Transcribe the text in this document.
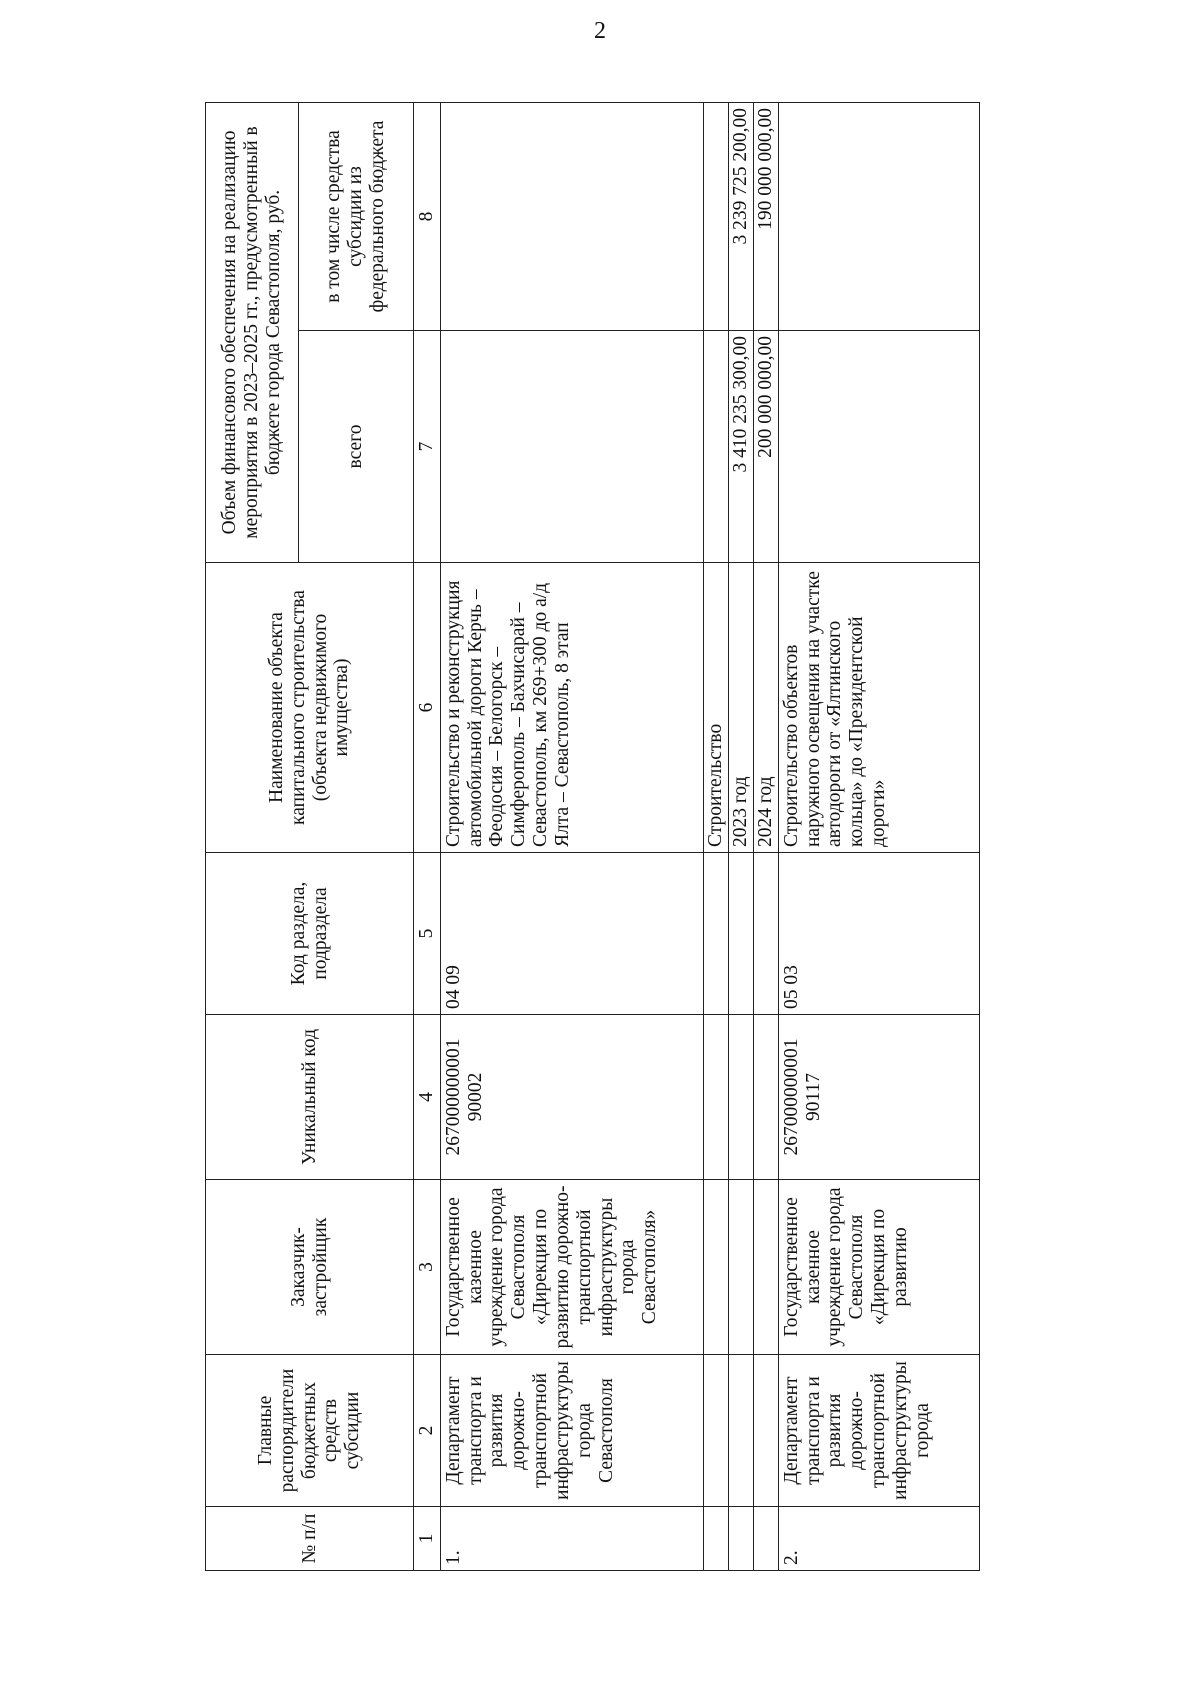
2
№ п/п	Главные распорядители бюджетных средств субсидии	Заказчик-застройщик	Уникальный код	Код раздела, подраздела	Наименование объекта капитального строительства (объекта недвижимого имущества)	Объем финансового обеспечения на реализацию мероприятия в 2023–2025 гг., предусмотренный в бюджете города Севастополя, руб.	
						всего	в том числе средства субсидии из федерального бюджета
1	2	3	4	5	6	7	8
1.	Департамент транспорта и развития дорожно-транспортной инфраструктуры города Севастополя	Государственное казенное учреждение города Севастополя «Дирекция по развитию дорожно-транспортной инфраструктуры города Севастополя»	267000000001 90002	04 09	Строительство и реконструкция автомобильной дороги Керчь – Феодосия – Белогорск – Симферополь – Бахчисарай – Севастополь, км 269+300 до а/д Ялта – Севастополь, 8 этап		
					Строительство		
					2023 год	3 410 235 300,00	3 239 725 200,00
					2024 год	200 000 000,00	190 000 000,00
2.	Департамент транспорта и развития дорожно-транспортной инфраструктуры города	Государственное казенное учреждение города Севастополя «Дирекция по развитию	267000000001 90117	05 03	Строительство объектов наружного освещения на участке автодороги от «Ялтинского кольца» до «Президентской дороги»		
